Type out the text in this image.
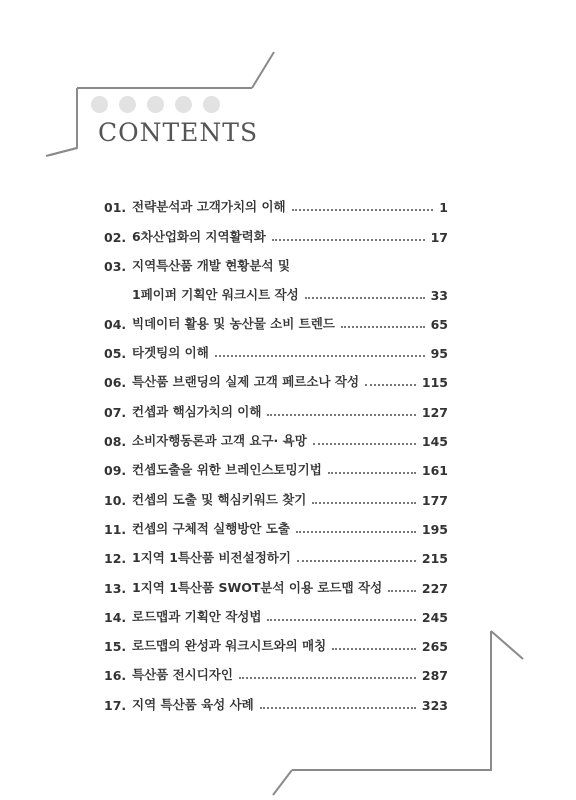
CONTENTS
01. 전략분석과 고객가치의 이해	1
02. 6차산업화의 지역활력화	17
03. 지역특산품 개발 현황분석 및
1페이퍼 기획안 워크시트 작성	33
04. 빅데이터 활용 및 농산물 소비 트렌드	65
05. 타겟팅의 이해	95
06. 특산품 브랜딩의 실제 고객 페르소나 작성	115
07. 컨셉과 핵심가치의 이해	127
08. 소비자행동론과 고객 요구· 욕망	145
09. 컨셉도출을 위한 브레인스토밍기법	161
10. 컨셉의 도출 및 핵심키워드 찾기	177
11. 컨셉의 구체적 실행방안 도출	195
12. 1지역 1특산품 비전설정하기	215
13. 1지역 1특산품 SWOT분석 이용 로드맵 작성	227
14. 로드맵과 기획안 작성법	245
15. 로드맵의 완성과 워크시트와의 매칭	265
16. 특산품 전시디자인	287
17. 지역 특산품 육성 사례	323
